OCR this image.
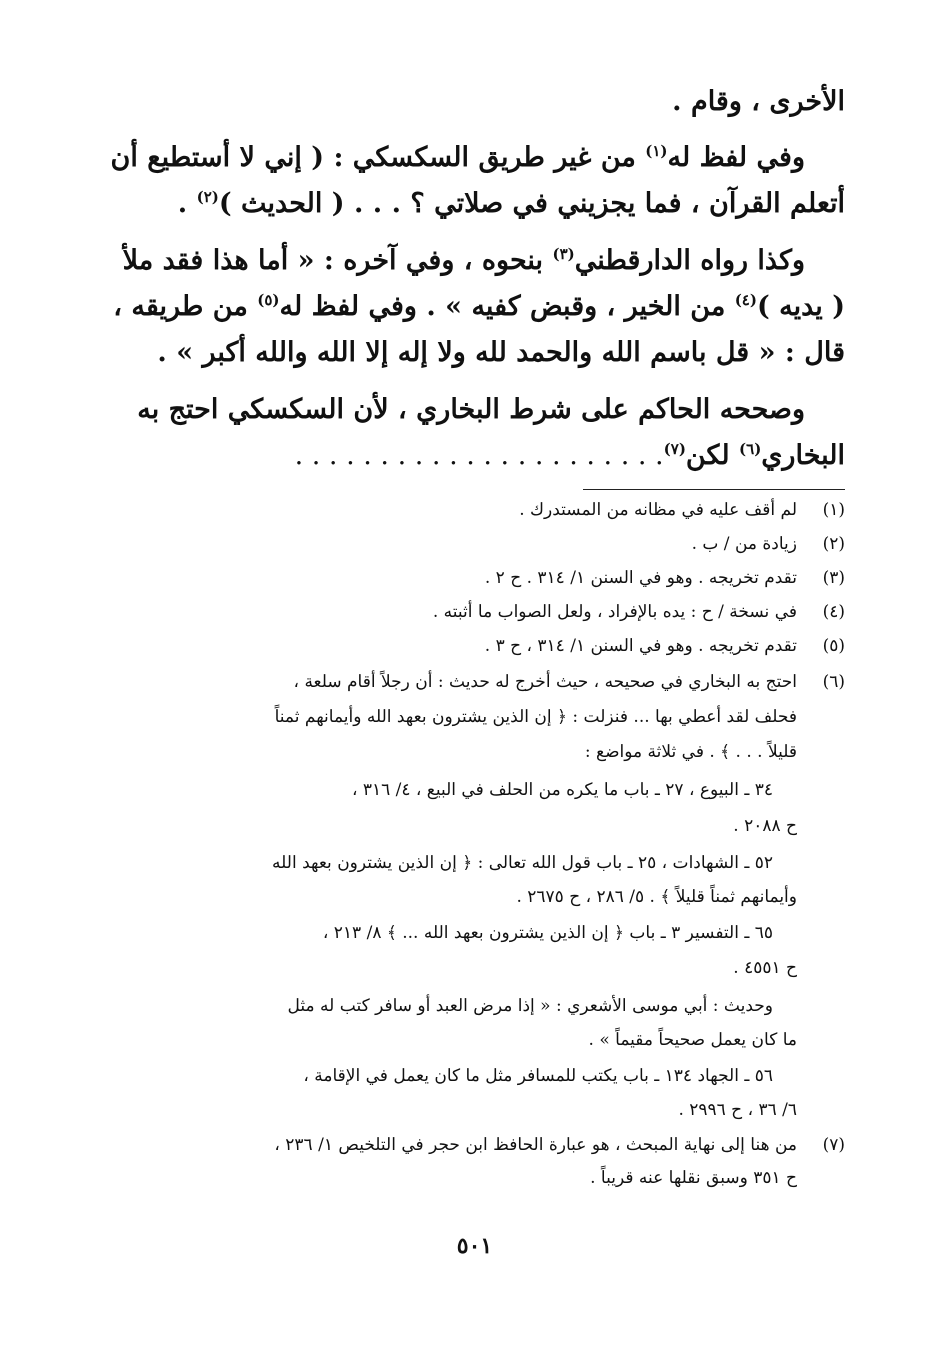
الأخرى ، وقام .
وفي لفظ له$^{(١)}$ من غير طريق السكسكي : ( إني لا أستطيع أن
أتعلم القرآن ، فما يجزيني في صلاتي ؟ . . . ( الحديث )$^{(٢)}$ .
وكذا رواه الدارقطني$^{(٣)}$ بنحوه ، وفي آخره : « أما هذا فقد ملأ
( يديه )$^{(٤)}$ من الخير ، وقبض كفيه » . وفي لفظ له$^{(٥)}$ من طريقه ،
قال : « قل باسم الله والحمد لله ولا إله إلا الله والله أكبر » .
وصححه الحاكم على شرط البخاري ، لأن السكسكي احتج به
البخاري$^{(٦)}$ لكن$^{(٧)}$. . . . . . . . . . . . . . . . . . . . . .
(١)
لم أقف عليه في مظانه من المستدرك .
(٢)
زيادة من / ب .
(٣)
تقدم تخريجه . وهو في السنن ١/ ٣١٤ . ح ٢ .
(٤)
في نسخة / ح : يده بالإفراد ، ولعل الصواب ما أثبته .
(٥)
تقدم تخريجه . وهو في السنن ١/ ٣١٤ ، ح ٣ .
(٦)
احتج به البخاري في صحيحه ، حيث أخرج له حديث : أن رجلاً أقام سلعة ،
فحلف لقد أعطي بها ... فنزلت : ﴿ إن الذين يشترون بعهد الله وأيمانهم ثمناً
قليلاً . . . ﴾ . في ثلاثة مواضع :
٣٤ ـ البيوع ، ٢٧ ـ باب ما يكره من الحلف في البيع ، ٤/ ٣١٦ ،
ح ٢٠٨٨ .
٥٢ ـ الشهادات ، ٢٥ ـ باب قول الله تعالى : ﴿ إن الذين يشترون بعهد الله
وأيمانهم ثمناً قليلاً ﴾ . ٥/ ٢٨٦ ، ح ٢٦٧٥ .
٦٥ ـ التفسير ٣ ـ باب ﴿ إن الذين يشترون بعهد الله ... ﴾ ٨/ ٢١٣ ،
ح ٤٥٥١ .
وحديث : أبي موسى الأشعري : « إذا مرض العبد أو سافر كتب له مثل
ما كان يعمل صحيحاً مقيماً » .
٥٦ ـ الجهاد ١٣٤ ـ باب يكتب للمسافر مثل ما كان يعمل في الإقامة ،
٦/ ٣٦ ، ح ٢٩٩٦ .
(٧)
من هنا إلى نهاية المبحث ، هو عبارة الحافظ ابن حجر في التلخيص ١/ ٢٣٦ ،
ح ٣٥١ وسبق نقلها عنه قريباً .
٥٠١
